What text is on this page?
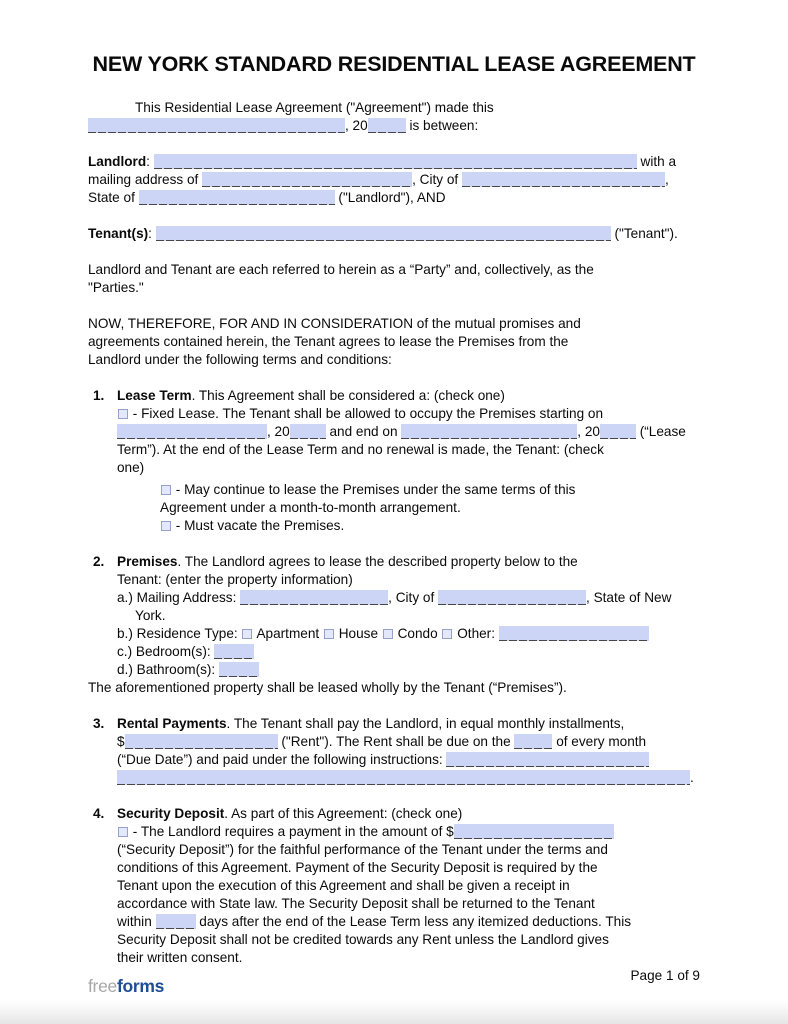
NEW YORK STANDARD RESIDENTIAL LEASE AGREEMENT
This Residential Lease Agreement ("Agreement") made this
, 20	is between:
Landlord:	with a
mailing address of	, City of	,
State of	("Landlord"), AND
Tenant(s):	("Tenant").
Landlord and Tenant are each referred to herein as a “Party” and, collectively, as the
"Parties."
NOW, THEREFORE, FOR AND IN CONSIDERATION of the mutual promises and
agreements contained herein, the Tenant agrees to lease the Premises from the
Landlord under the following terms and conditions:
1. Lease Term. This Agreement shall be considered a: (check one)
- Fixed Lease. The Tenant shall be allowed to occupy the Premises starting on
, 20	and end on	, 20	(“Lease
Term”). At the end of the Lease Term and no renewal is made, the Tenant: (check
one)
- May continue to lease the Premises under the same terms of this
Agreement under a month-to-month arrangement.
- Must vacate the Premises.
2. Premises. The Landlord agrees to lease the described property below to the
Tenant: (enter the property information)
a.) Mailing Address:	, City of	, State of New
York.
b.) Residence Type:  Apartment  House  Condo  Other:
c.) Bedroom(s):
d.) Bathroom(s):
The aforementioned property shall be leased wholly by the Tenant (“Premises”).
3. Rental Payments. The Tenant shall pay the Landlord, in equal monthly installments,
$	("Rent"). The Rent shall be due on the	of every month
(“Due Date”) and paid under the following instructions:
.
4. Security Deposit. As part of this Agreement: (check one)
- The Landlord requires a payment in the amount of $
(“Security Deposit”) for the faithful performance of the Tenant under the terms and
conditions of this Agreement. Payment of the Security Deposit is required by the
Tenant upon the execution of this Agreement and shall be given a receipt in
accordance with State law. The Security Deposit shall be returned to the Tenant
within	days after the end of the Lease Term less any itemized deductions. This
Security Deposit shall not be credited towards any Rent unless the Landlord gives
their written consent.
freeforms
Page 1 of 9
